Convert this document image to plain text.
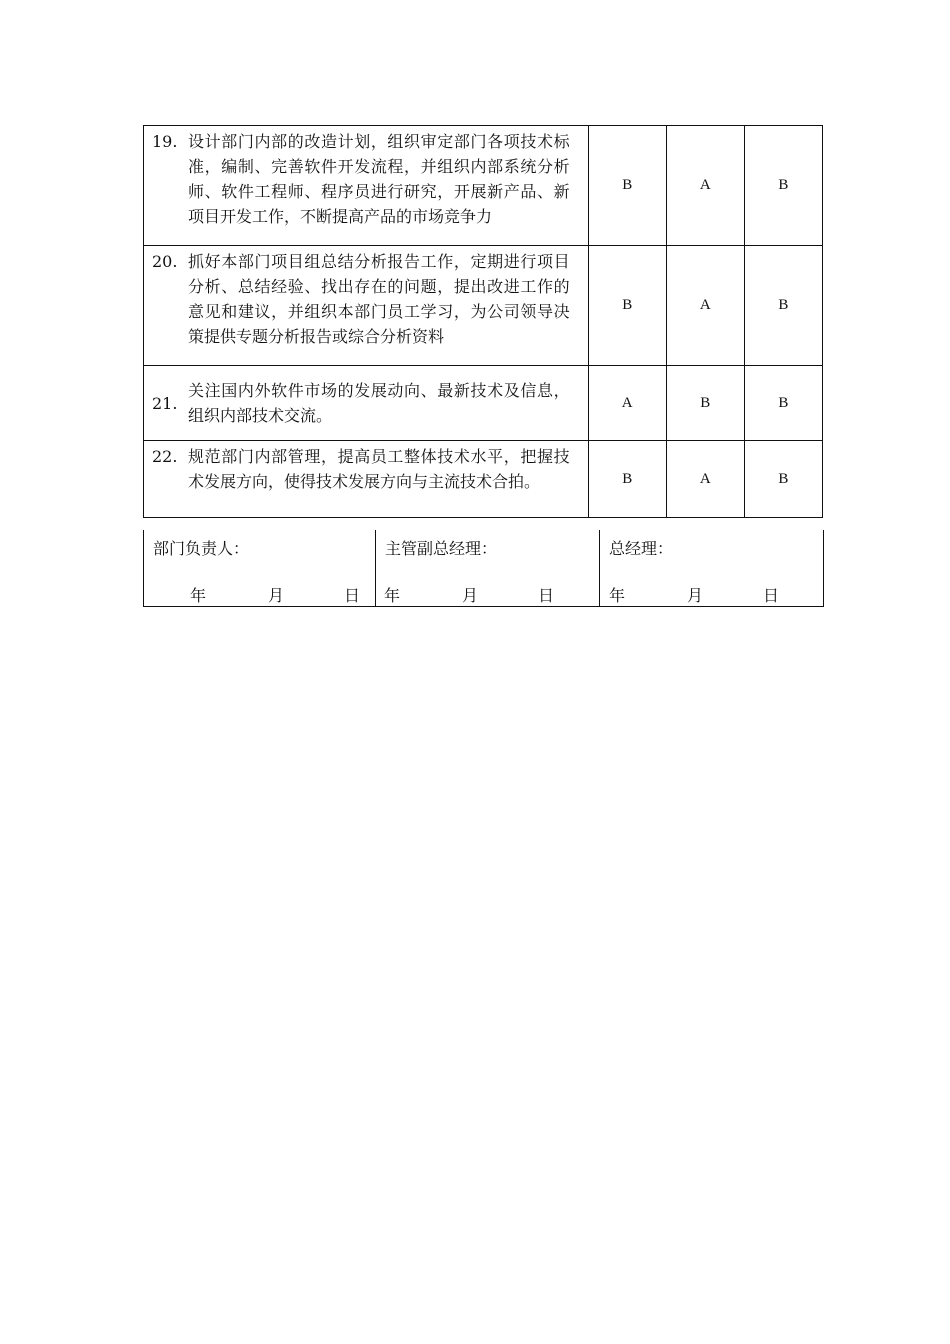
19. 设计部门内部的改造计划，组织审定部门各项技术标准，编制、完善软件开发流程，并组织内部系统分析师、软件工程师、程序员进行研究，开展新产品、新项目开发工作，不断提高产品的市场竞争力	B	A	B

20. 抓好本部门项目组总结分析报告工作，定期进行项目分析、总结经验、找出存在的问题，提出改进工作的意见和建议，并组织本部门员工学习，为公司领导决策提供专题分析报告或综合分析资料	B	A	B

21.
关注国内外软件市场的发展动向、最新技术及信息，组织内部技术交流。	A	B	B

22. 规范部门内部管理，提高员工整体技术水平，把握技术发展方向，使得技术发展方向与主流技术合拍。	B	A	B
部门负责人：
年	月	日

主管副总经理：
年	月	日

总经理：
年	月	日
